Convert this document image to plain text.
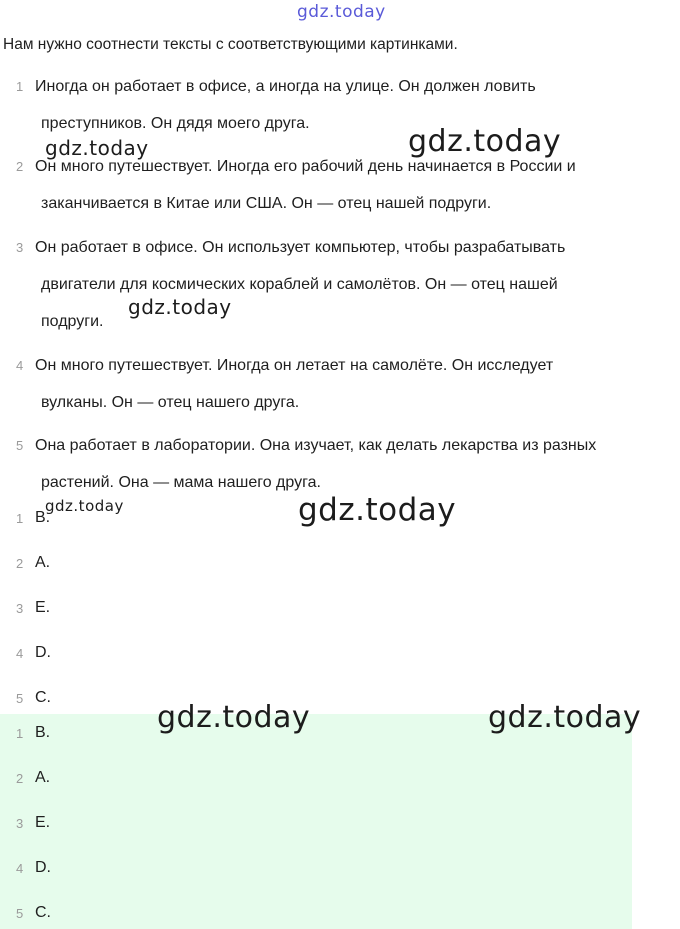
gdz.today
gdz.today
gdz.today
gdz.today
gdz.today
gdz.today
gdz.today	gdz.today
Нам нужно соотнести тексты с соответствующими картинками.
1 Иногда он работает в офисе, а иногда на улице. Он должен ловить
преступников. Он дядя моего друга.
2 Он много путешествует. Иногда его рабочий день начинается в России и
заканчивается в Китае или США. Он — отец нашей подруги.
3 Он работает в офисе. Он использует компьютер, чтобы разрабатывать
двигатели для космических кораблей и самолётов. Он — отец нашей
подруги.
4 Он много путешествует. Иногда он летает на самолёте. Он исследует
вулканы. Он — отец нашего друга.
5 Она работает в лаборатории. Она изучает, как делать лекарства из разных
растений. Она — мама нашего друга.
1 B.
2 A.
3 E.
4 D.
5 C.
1 B.
2 A.
3 E.
4 D.
5 C.
